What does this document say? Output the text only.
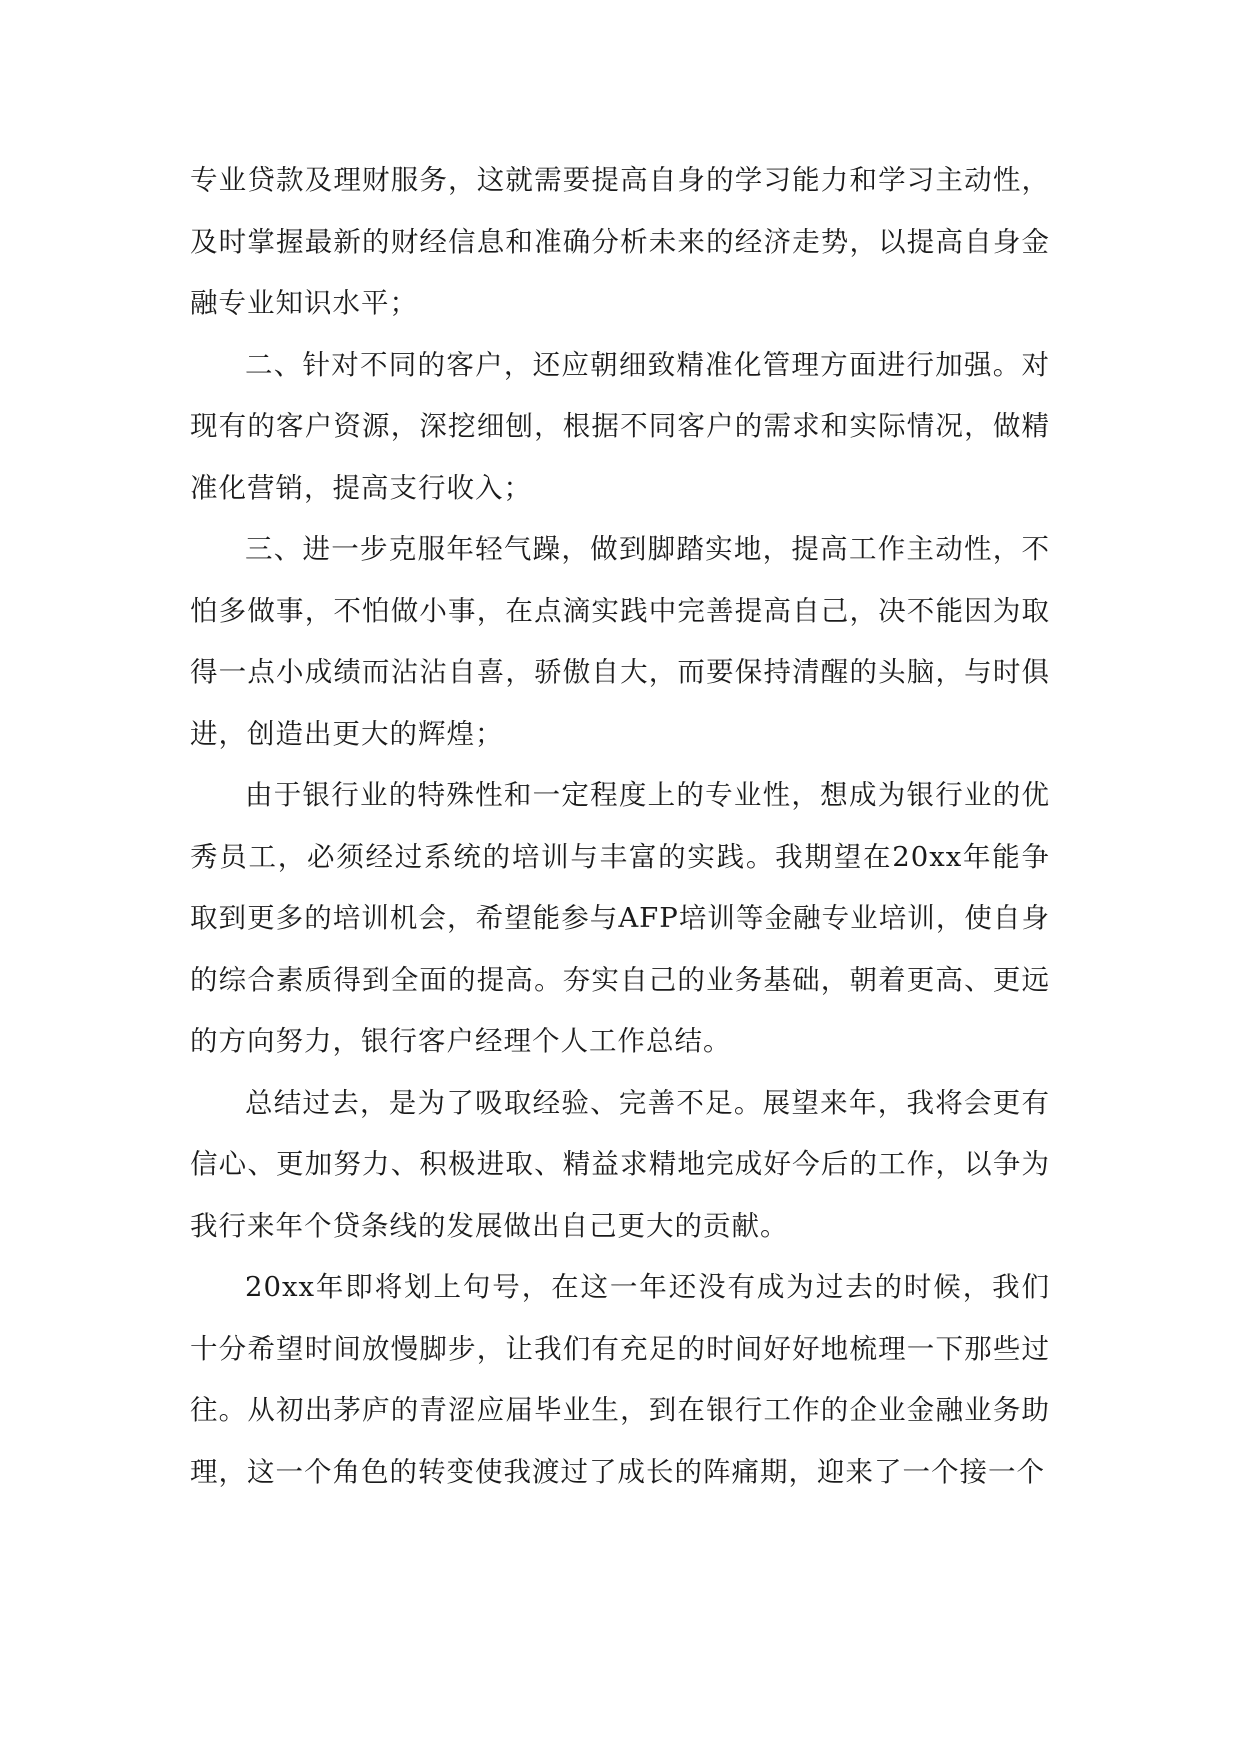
专业贷款及理财服务，这就需要提高自身的学习能力和学习主动性，及时掌握最新的财经信息和准确分析未来的经济走势，以提高自身金融专业知识水平；

二、针对不同的客户，还应朝细致精准化管理方面进行加强。对现有的客户资源，深挖细刨，根据不同客户的需求和实际情况，做精准化营销，提高支行收入；

三、进一步克服年轻气躁，做到脚踏实地，提高工作主动性，不怕多做事，不怕做小事，在点滴实践中完善提高自己，决不能因为取得一点小成绩而沾沾自喜，骄傲自大，而要保持清醒的头脑，与时俱进，创造出更大的辉煌；

由于银行业的特殊性和一定程度上的专业性，想成为银行业的优秀员工，必须经过系统的培训与丰富的实践。我期望在20xx年能争取到更多的培训机会，希望能参与AFP培训等金融专业培训，使自身的综合素质得到全面的提高。夯实自己的业务基础，朝着更高、更远的方向努力，银行客户经理个人工作总结。

总结过去，是为了吸取经验、完善不足。展望来年，我将会更有信心、更加努力、积极进取、精益求精地完成好今后的工作，以争为我行来年个贷条线的发展做出自己更大的贡献。

20xx年即将划上句号，在这一年还没有成为过去的时候，我们十分希望时间放慢脚步，让我们有充足的时间好好地梳理一下那些过往。从初出茅庐的青涩应届毕业生，到在银行工作的企业金融业务助理，这一个角色的转变使我渡过了成长的阵痛期，迎来了一个接一个
